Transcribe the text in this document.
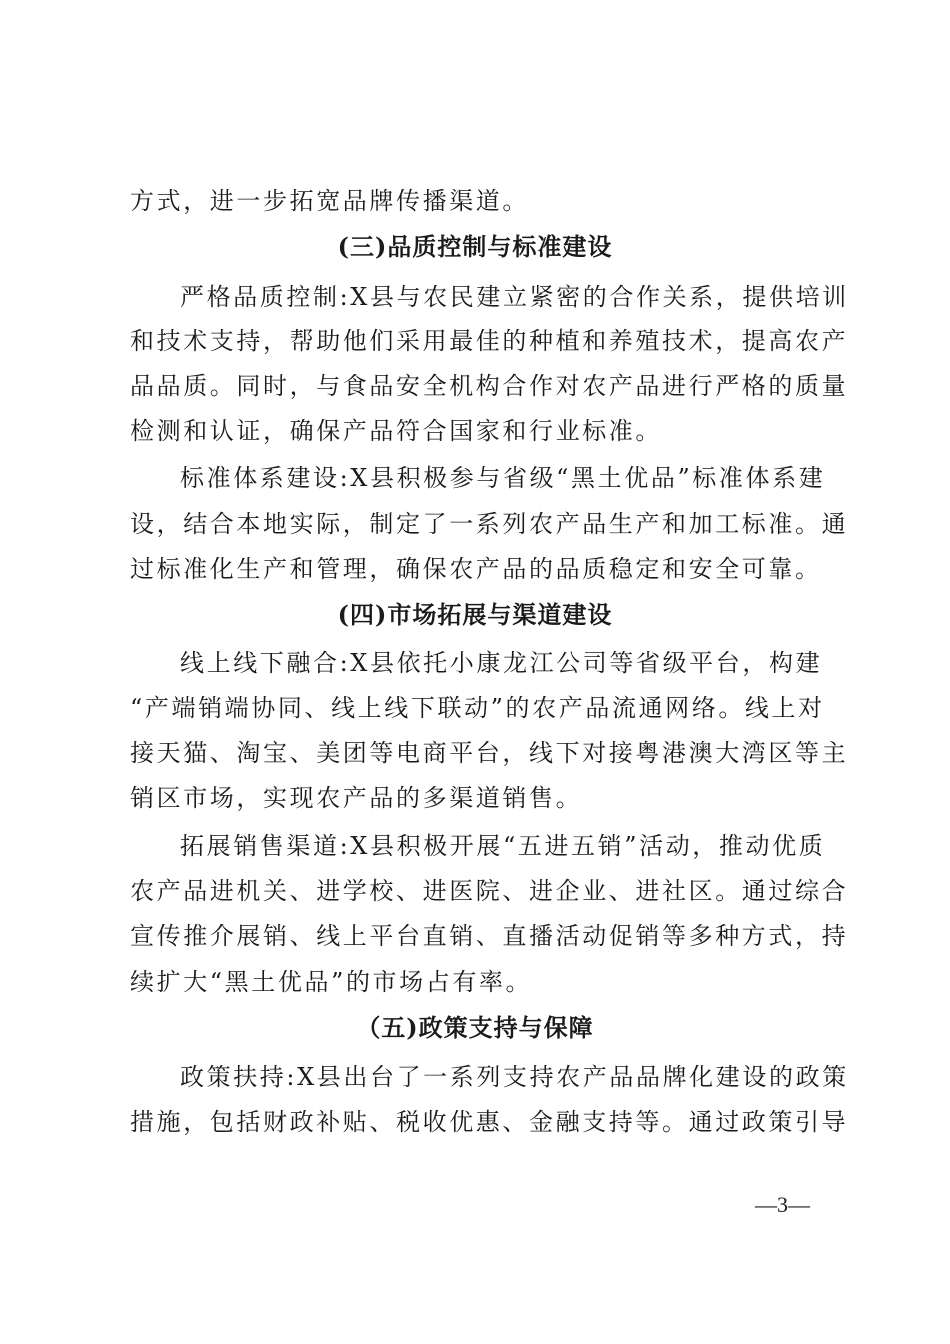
方式，进一步拓宽品牌传播渠道。
(三)品质控制与标准建设
严格品质控制:X县与农民建立紧密的合作关系，提供培训
和技术支持，帮助他们采用最佳的种植和养殖技术，提高农产
品品质。同时，与食品安全机构合作对农产品进行严格的质量
检测和认证，确保产品符合国家和行业标准。
标准体系建设:X县积极参与省级“黑土优品”标准体系建
设，结合本地实际，制定了一系列农产品生产和加工标准。通
过标准化生产和管理，确保农产品的品质稳定和安全可靠。
(四)市场拓展与渠道建设
线上线下融合:X县依托小康龙江公司等省级平台，构建
“产端销端协同、线上线下联动”的农产品流通网络。线上对
接天猫、淘宝、美团等电商平台，线下对接粤港澳大湾区等主
销区市场，实现农产品的多渠道销售。
拓展销售渠道:X县积极开展“五进五销”活动，推动优质
农产品进机关、进学校、进医院、进企业、进社区。通过综合
宣传推介展销、线上平台直销、直播活动促销等多种方式，持
续扩大“黑土优品”的市场占有率。
（五)政策支持与保障
政策扶持:X县出台了一系列支持农产品品牌化建设的政策
措施，包括财政补贴、税收优惠、金融支持等。通过政策引导
—3—
